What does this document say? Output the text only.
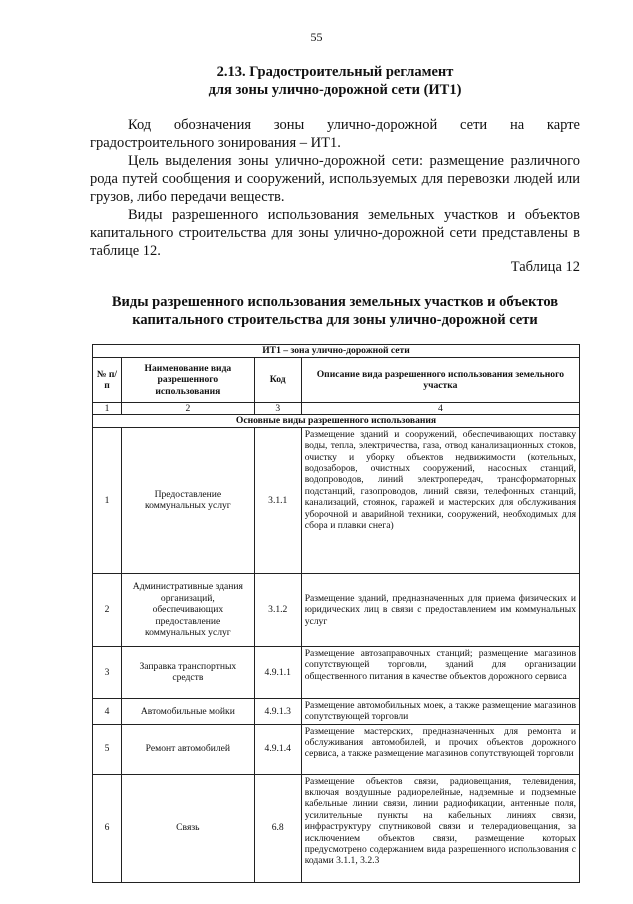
55
2.13. Градостроительный регламент
для зоны улично-дорожной сети (ИТ1)
Код обозначения зоны улично-дорожной сети на карте градостроительного зонирования – ИТ1.
Цель выделения зоны улично-дорожной сети: размещение различного рода путей сообщения и сооружений, используемых для перевозки людей или грузов, либо передачи веществ.
Виды разрешенного использования земельных участков и объектов капитального строительства для зоны улично-дорожной сети представлены в таблице 12.
Таблица 12
Виды разрешенного использования земельных участков и объектов
капитального строительства для зоны улично-дорожной сети
ИТ1 – зона улично-дорожной сети			
№ п/п	Наименование вида разрешенного использования	Код	Описание вида разрешенного использования земельного участка
1	2	3	4
Основные виды разрешенного использования			
1	Предоставление коммунальных услуг	3.1.1	Размещение зданий и сооружений, обеспечивающих поставку воды, тепла, электричества, газа, отвод канализационных стоков, очистку и уборку объектов недвижимости (котельных, водозаборов, очистных сооружений, насосных станций, водопроводов, линий электропередач, трансформаторных подстанций, газопроводов, линий связи, телефонных станций, канализаций, стоянок, гаражей и мастерских для обслуживания уборочной и аварийной техники, сооружений, необходимых для сбора и плавки снега)
2	Административные здания организаций, обеспечивающих предоставление коммунальных услуг	3.1.2	Размещение зданий, предназначенных для приема физических и юридических лиц в связи с предоставлением им коммунальных услуг
3	Заправка транспортных средств	4.9.1.1	Размещение автозаправочных станций; размещение магазинов сопутствующей торговли, зданий для организации общественного питания в качестве объектов дорожного сервиса
4	Автомобильные мойки	4.9.1.3	Размещение автомобильных моек, а также размещение магазинов сопутствующей торговли
5	Ремонт автомобилей	4.9.1.4	Размещение мастерских, предназначенных для ремонта и обслуживания автомобилей, и прочих объектов дорожного сервиса, а также размещение магазинов сопутствующей торговли
6	Связь	6.8	Размещение объектов связи, радиовещания, телевидения, включая воздушные радиорелейные, надземные и подземные кабельные линии связи, линии радиофикации, антенные поля, усилительные пункты на кабельных линиях связи, инфраструктуру спутниковой связи и телерадиовещания, за исключением объектов связи, размещение которых предусмотрено содержанием вида разрешенного использования с кодами 3.1.1, 3.2.3
